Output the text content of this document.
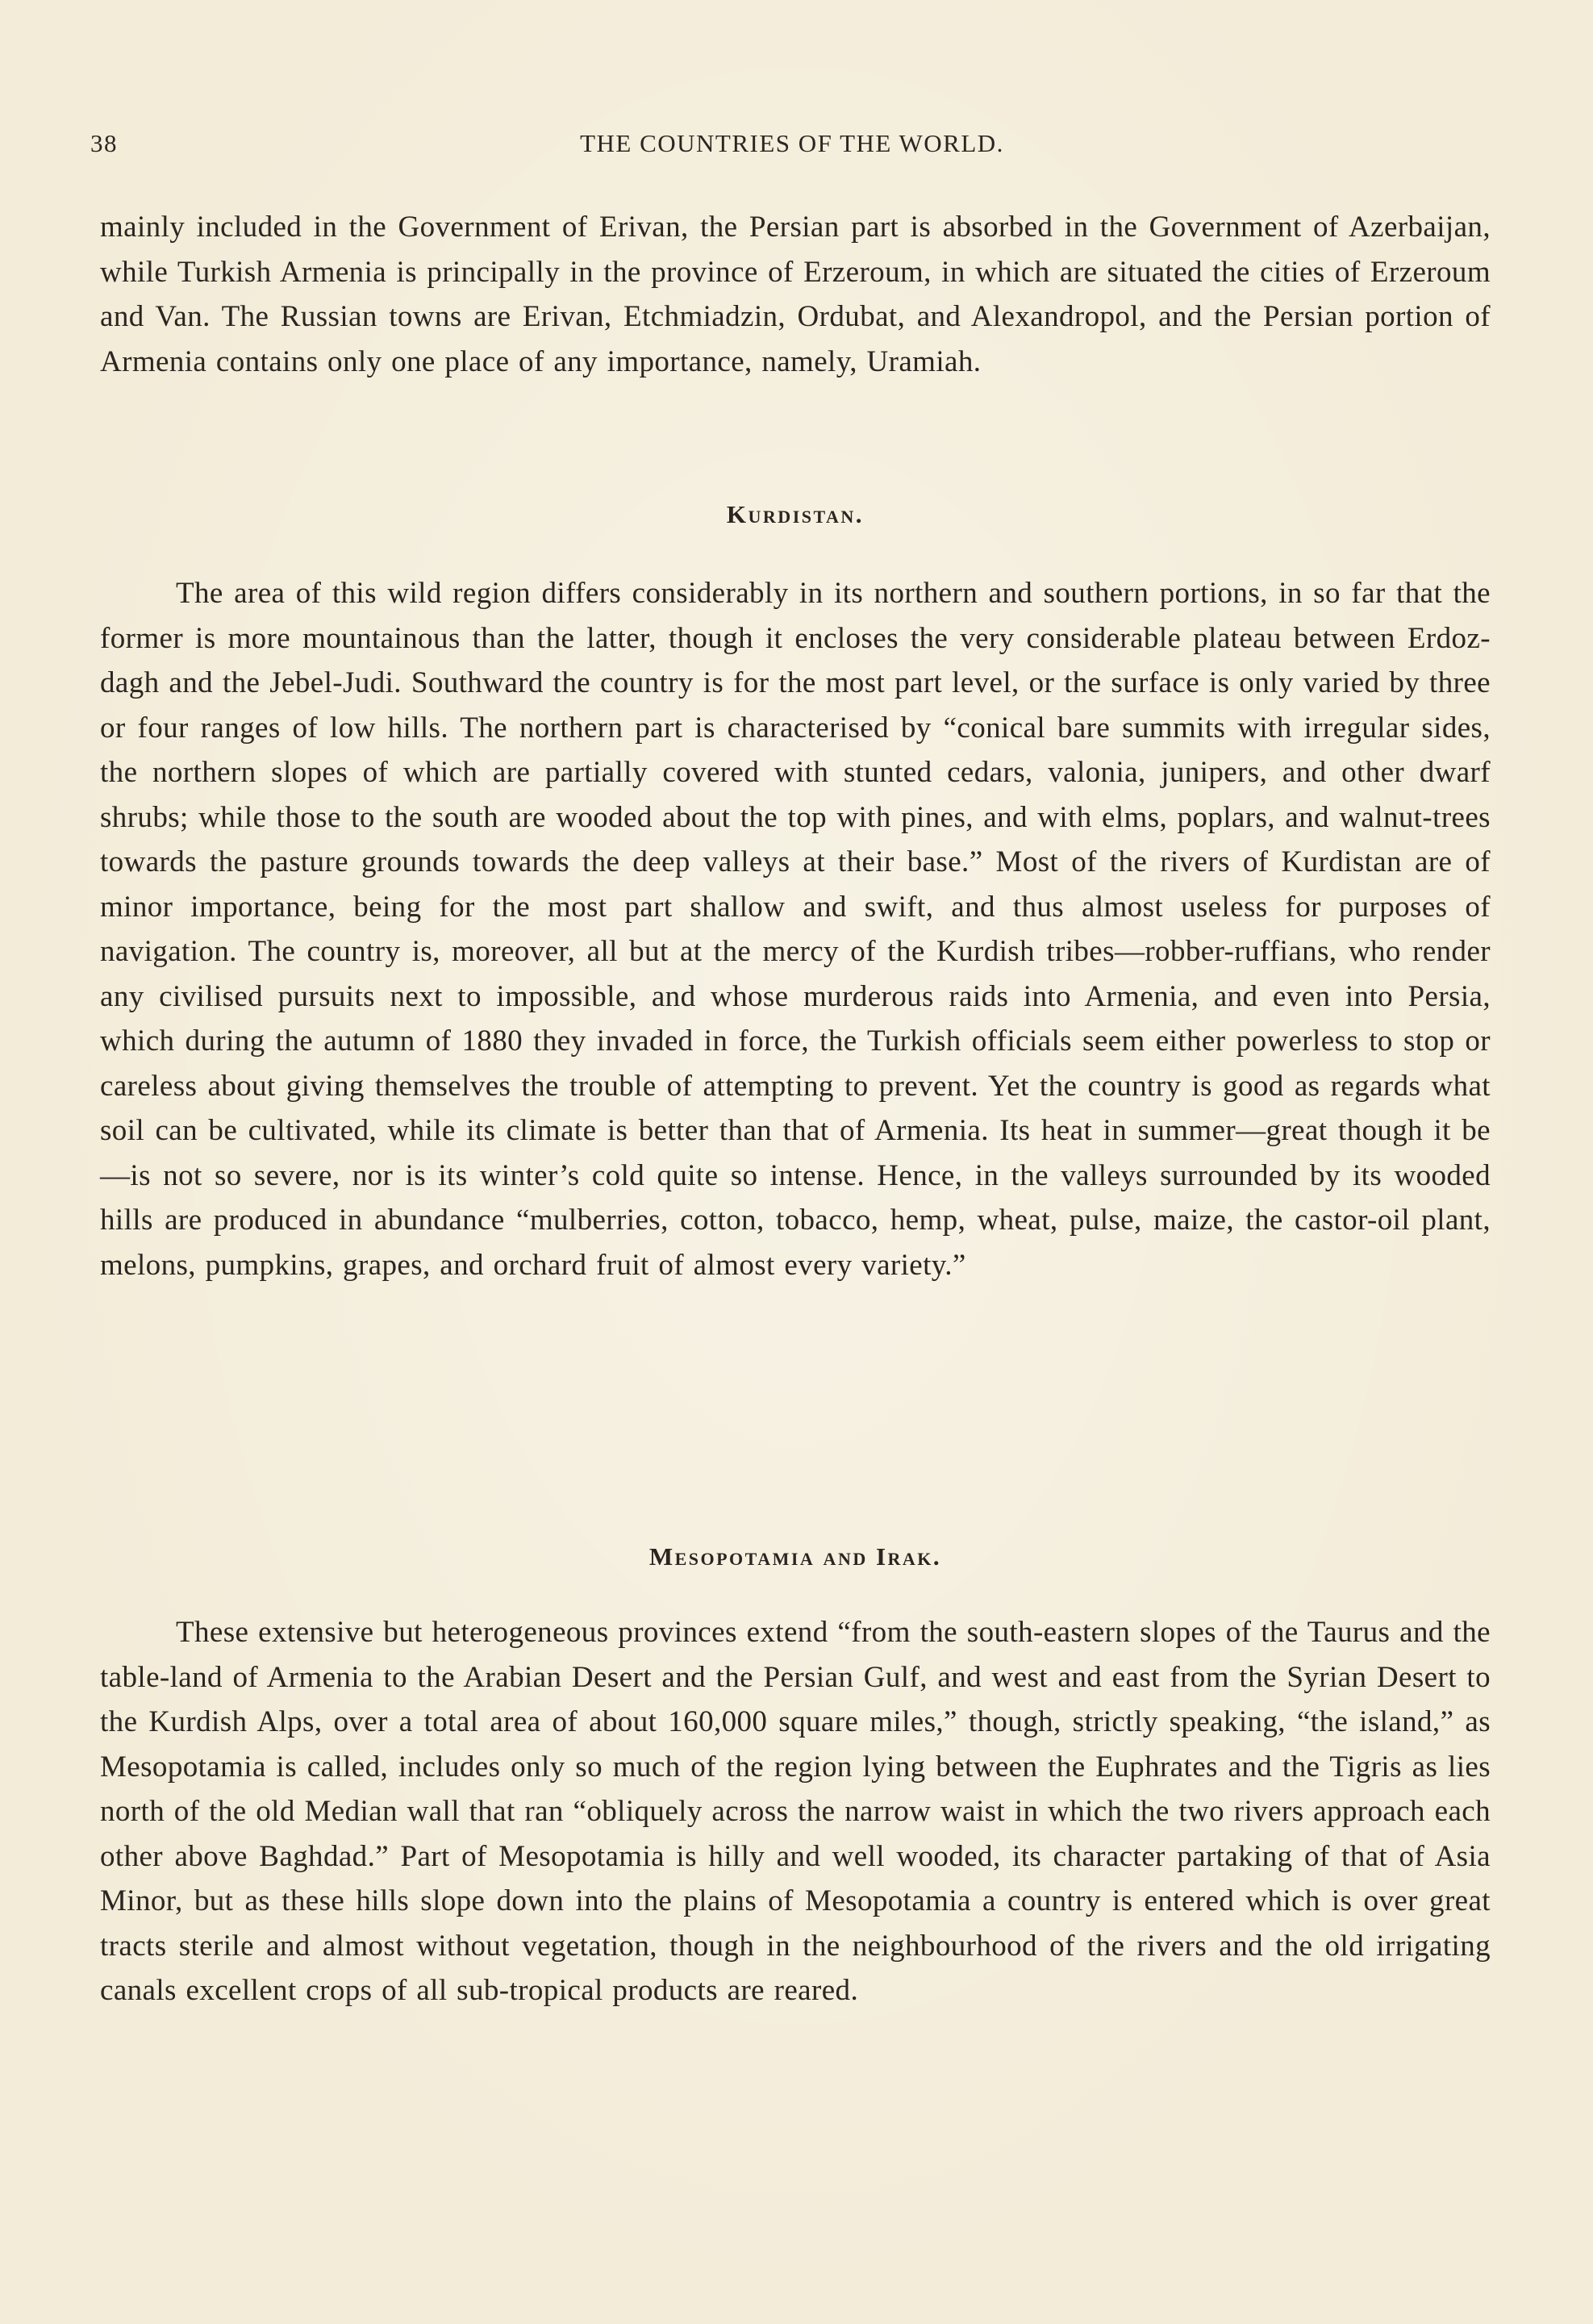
38	THE COUNTRIES OF THE WORLD.

mainly included in the Government of Erivan, the Persian part is absorbed in the Government of Azerbaijan, while Turkish Armenia is principally in the province of Erzeroum, in which are situated the cities of Erzeroum and Van. The Russian towns are Erivan, Etchmiadzin, Ordubat, and Alexandropol, and the Persian portion of Armenia contains only one place of any importance, namely, Uramiah.

Kurdistan.

The area of this wild region differs considerably in its northern and southern portions, in so far that the former is more mountainous than the latter, though it encloses the very considerable plateau between Erdoz-dagh and the Jebel-Judi. Southward the country is for the most part level, or the surface is only varied by three or four ranges of low hills. The northern part is characterised by “conical bare summits with irregular sides, the northern slopes of which are partially covered with stunted cedars, valonia, junipers, and other dwarf shrubs; while those to the south are wooded about the top with pines, and with elms, poplars, and walnut-trees towards the pasture grounds towards the deep valleys at their base.” Most of the rivers of Kurdistan are of minor importance, being for the most part shallow and swift, and thus almost useless for purposes of navigation. The country is, moreover, all but at the mercy of the Kurdish tribes—robber-ruffians, who render any civilised pursuits next to impossible, and whose murderous raids into Armenia, and even into Persia, which during the autumn of 1880 they invaded in force, the Turkish officials seem either powerless to stop or careless about giving themselves the trouble of attempting to prevent. Yet the country is good as regards what soil can be cultivated, while its climate is better than that of Armenia. Its heat in summer—great though it be—is not so severe, nor is its winter’s cold quite so intense. Hence, in the valleys surrounded by its wooded hills are produced in abundance “mulberries, cotton, tobacco, hemp, wheat, pulse, maize, the castor-oil plant, melons, pumpkins, grapes, and orchard fruit of almost every variety.”

Mesopotamia and Irak.

These extensive but heterogeneous provinces extend “from the south-eastern slopes of the Taurus and the table-land of Armenia to the Arabian Desert and the Persian Gulf, and west and east from the Syrian Desert to the Kurdish Alps, over a total area of about 160,000 square miles,” though, strictly speaking, “the island,” as Mesopotamia is called, includes only so much of the region lying between the Euphrates and the Tigris as lies north of the old Median wall that ran “obliquely across the narrow waist in which the two rivers approach each other above Baghdad.” Part of Mesopotamia is hilly and well wooded, its character partaking of that of Asia Minor, but as these hills slope down into the plains of Mesopotamia a country is entered which is over great tracts sterile and almost without vegetation, though in the neighbourhood of the rivers and the old irrigating canals excellent crops of all sub-tropical products are reared.
